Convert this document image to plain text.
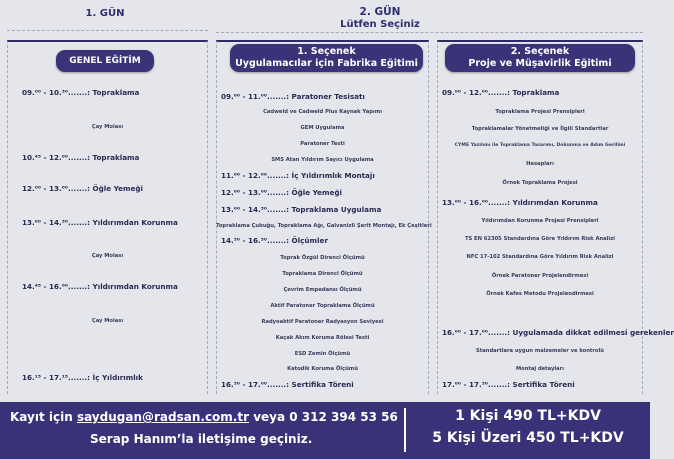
1. GÜN	2. GÜN
Lütfen Seçiniz
GENEL EĞİTİM
1. Seçenek
Uygulamacılar için Fabrika Eğitimi
2. Seçenek
Proje ve Müşavirlik Eğitimi
09.⁰⁰ - 10.³⁰.......: Topraklama
Çay Molası
10.⁴⁵ - 12.⁰⁰.......: Topraklama
12.⁰⁰ - 13.⁰⁰.......: Öğle Yemeği
13.⁰⁰ - 14.³⁰.......: Yıldırımdan Korunma
Çay Molası
14.⁴⁵ - 16.⁰⁰.......: Yıldırımdan Korunma
Çay Molası
16.¹⁵ - 17.¹⁵.......: İç Yıldırımlık
09.⁰⁰ - 11.⁰⁰.......: Paratoner Tesisatı
Cadweld ve Cadweld Plus Kaynak Yapımı
GEM Uygulama
Paratoner Testi
SMS Atan Yıldırım Sayıcı Uygulama
11.⁰⁰ - 12.⁰⁰.......: İç Yıldırımlık Montajı
12.⁰⁰ - 13.⁰⁰.......: Öğle Yemeği
13.⁰⁰ - 14.³⁰.......: Topraklama Uygulama
Topraklama Çubuğu, Topraklama Ağı, Galvanizli Şerit Montajı, Ek Çeşitleri
14.³⁰ - 16.³⁰.......: Ölçümler
Toprak Özgül Direnci Ölçümü
Topraklama Direnci Ölçümü
Çevrim Empedansı Ölçümü
Aktif Paratoner Topraklama Ölçümü
Radyoaktif Paratoner Radyasyon Seviyesi
Kaçak Akım Koruma Rölesi Testi
ESD Zemin Ölçümü
Katodik Koruma Ölçümü
16.³⁰ - 17.⁰⁰.......: Sertifika Töreni
09.⁰⁰ - 12.⁰⁰.......: Topraklama
Topraklama Projesi Prensipleri
Topraklamalar Yönetmeliği ve İlgili Standartlar
CYME Yazılımı ile Topraklama Tasarımı, Dokunma ve Adım Gerilimi
Hesapları
Örnek Topraklama Projesi
13.⁰⁰ - 16.⁰⁰.......: Yıldırımdan Korunma
Yıldırımdan Korunma Projesi Prensipleri
TS EN 62305 Standardına Göre Yıldırım Risk Analizi
NFC 17-102 Standardına Göre Yıldırım Risk Analizi
Örnek Paratoner Projelendirmesi
Örnek Kafes Metodu Projelendirmesi
16.⁰⁰ - 17.⁰⁰.......: Uygulamada dikkat edilmesi gerekenler
Standartlara uygun malzemeler ve kontrolü
Montaj detayları
17.⁰⁰ - 17.³⁰.......: Sertifika Töreni
Kayıt için saydugan@radsan.com.tr veya 0 312 394 53 56
Serap Hanım’la iletişime geçiniz.
1 Kişi 490 TL+KDV
5 Kişi Üzeri 450 TL+KDV
